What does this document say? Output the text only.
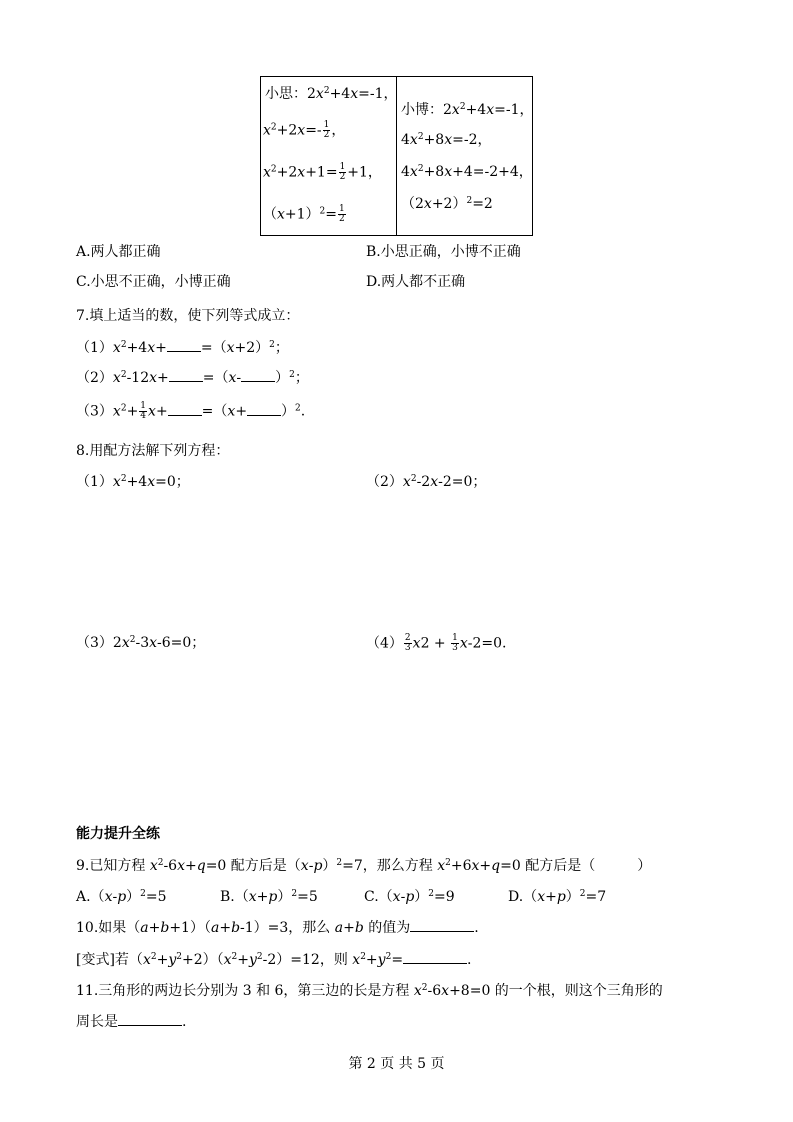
小思：$2x^2+4x=-1$，
$x^2+2x=- \frac{1}{2}$ ，
$x^2+2x+1= \frac{1}{2} +1$，
$(x+1)^2= \frac{1}{2}$
小博：$2x^2+4x=-1$，
$4x^2+8x=-2$，
$4x^2+8x+4=-2+4$，
$(2x+2)^2=2$
A.两人都正确	B.小思正确，小博不正确
C.小思不正确，小博正确	D.两人都不正确
7.填上适当的数，使下列等式成立：
$(1)x^2+4x+ =(x+2)^2$；
$(2)x^2-12x+ =(x-$ ）$^2$；
$(3)x^2+ \frac{1}{4} x+ =(x+ )^2$.
8.用配方法解下列方程：
$(1)x^2+4x=0$；	$(2)x^2-2x-2=0$；
$(3)2x^2-3x-6=0$；	$(4) \frac{2}{3} x2 + \frac{1}{3} x-2=0$.
能力提升全练
9.已知方程 $x^2-6x+q=0$ 配方后是$(x-p)^2=7$，那么方程 $x^2+6x+q=0$ 配方后是（　　　）
$A.(x-p)^2=5$	$B.(x+p)^2=5$	$C.(x-p)^2=9$	$D.(x+p)^2=7$
10.如果（a+b+1）（a+b-1）=3，那么 a+b 的值为	.
[变式]若$(x^2+y^2+2)(x^2+y^2-2)=12$，则 $x^2+y^2=$	.
11.三角形的两边长分别为 3 和 6，第三边的长是方程 $x^2-6x+8=0$ 的一个根，则这个三角形的
周长是	.
第 2 页 共 5 页
